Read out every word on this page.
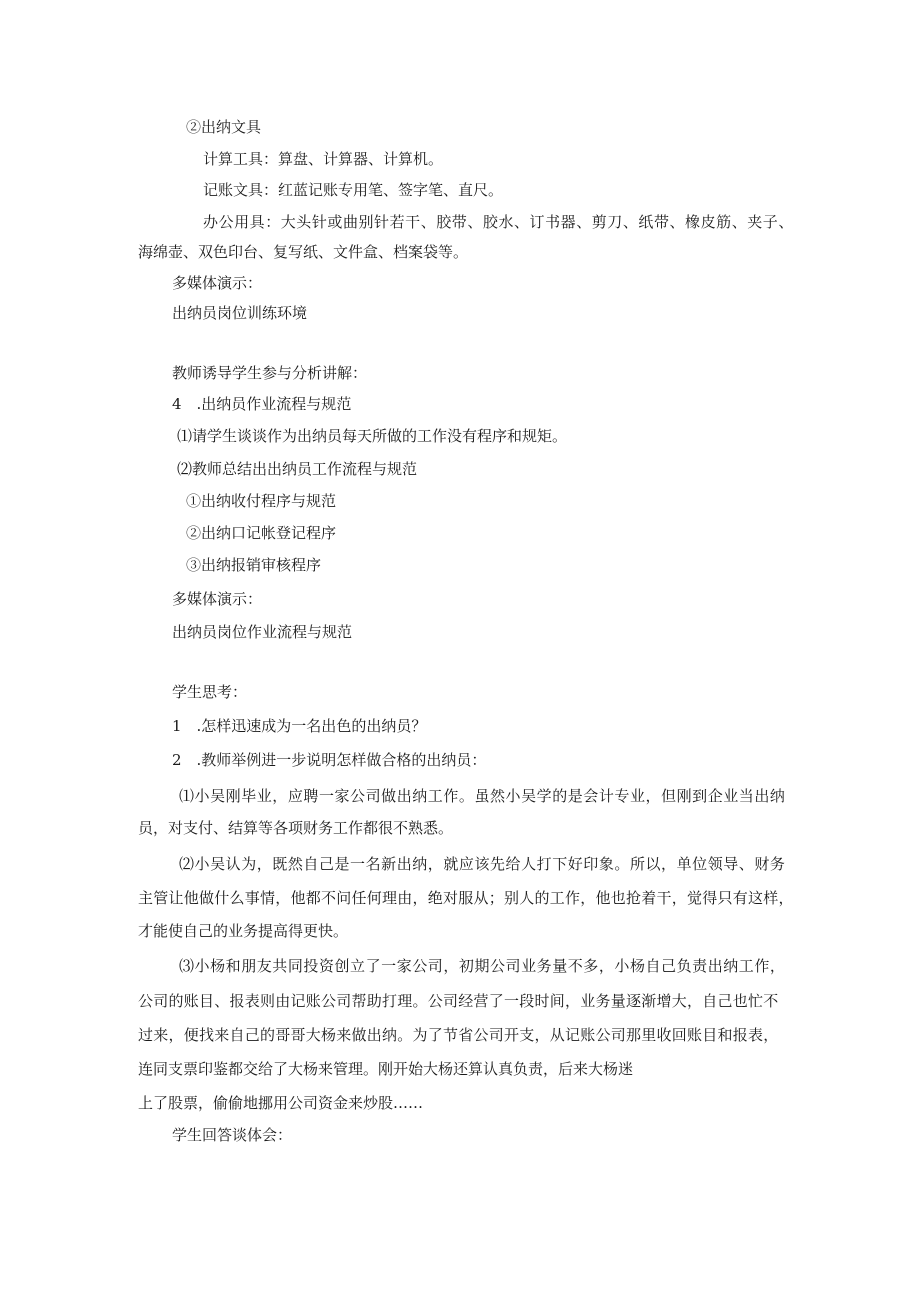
②出纳文具
计算工具：算盘、计算器、计算机。
记账文具：红蓝记账专用笔、签字笔、直尺。
办公用具：大头针或曲别针若干、胶带、胶水、订书器、剪刀、纸带、橡皮筋、夹子、
海绵壶、双色印台、复写纸、文件盒、档案袋等。
多媒体演示：
出纳员岗位训练环境
教师诱导学生参与分析讲解：
4　.出纳员作业流程与规范
⑴请学生谈谈作为出纳员每天所做的工作没有程序和规矩。
⑵教师总结出出纳员工作流程与规范
①出纳收付程序与规范
②出纳口记帐登记程序
③出纳报销审核程序
多媒体演示：
出纳员岗位作业流程与规范
学生思考：
1　.怎样迅速成为一名出色的出纳员？
2　.教师举例进一步说明怎样做合格的出纳员：
⑴小吴刚毕业，应聘一家公司做出纳工作。虽然小吴学的是会计专业，但刚到企业当出纳
员，对支付、结算等各项财务工作都很不熟悉。
⑵小吴认为，既然自己是一名新出纳，就应该先给人打下好印象。所以，单位领导、财务
主管让他做什么事情，他都不问任何理由，绝对服从；别人的工作，他也抢着干，觉得只有这样，
才能使自己的业务提高得更快。
⑶小杨和朋友共同投资创立了一家公司，初期公司业务量不多，小杨自己负责出纳工作，
公司的账目、报表则由记账公司帮助打理。公司经营了一段时间，业务量逐渐增大，自己也忙不
过来，便找来自己的哥哥大杨来做出纳。为了节省公司开支，从记账公司那里收回账目和报表，
连同支票印鉴都交给了大杨来管理。刚开始大杨还算认真负责，后来大杨迷
上了股票，偷偷地挪用公司资金来炒股……
学生回答谈体会：
